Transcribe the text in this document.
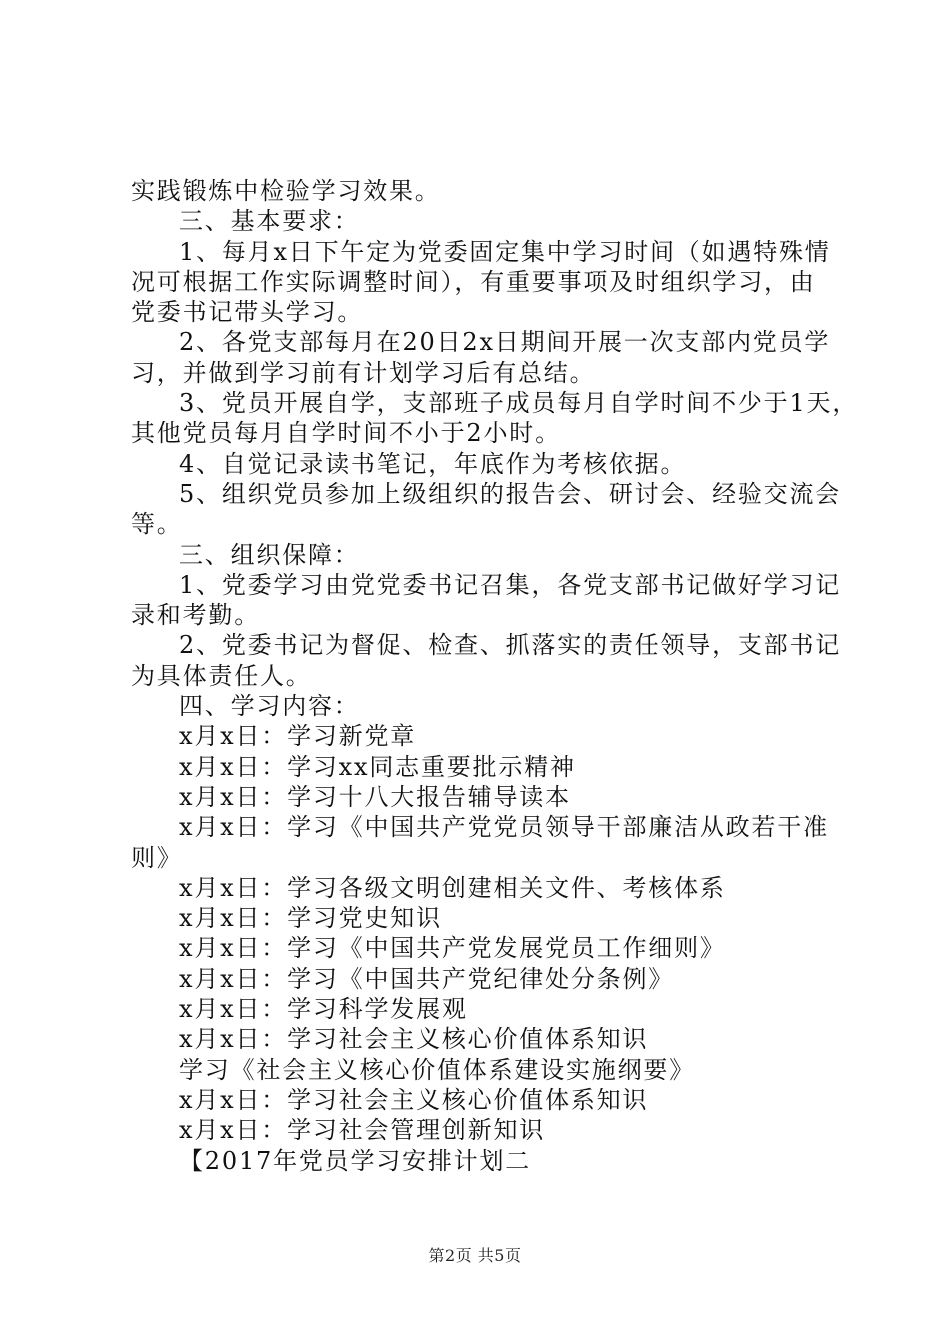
实践锻炼中检验学习效果。
三、基本要求：
1、每月x日下午定为党委固定集中学习时间（如遇特殊情
况可根据工作实际调整时间），有重要事项及时组织学习，由
党委书记带头学习。
2、各党支部每月在20日2x日期间开展一次支部内党员学
习，并做到学习前有计划学习后有总结。
3、党员开展自学，支部班子成员每月自学时间不少于1天，
其他党员每月自学时间不小于2小时。
4、自觉记录读书笔记，年底作为考核依据。
5、组织党员参加上级组织的报告会、研讨会、经验交流会
等。
三、组织保障：
1、党委学习由党党委书记召集，各党支部书记做好学习记
录和考勤。
2、党委书记为督促、检查、抓落实的责任领导，支部书记
为具体责任人。
四、学习内容：
x月x日：学习新党章
x月x日：学习xx同志重要批示精神
x月x日：学习十八大报告辅导读本
x月x日：学习《中国共产党党员领导干部廉洁从政若干准
则》
x月x日：学习各级文明创建相关文件、考核体系
x月x日：学习党史知识
x月x日：学习《中国共产党发展党员工作细则》
x月x日：学习《中国共产党纪律处分条例》
x月x日：学习科学发展观
x月x日：学习社会主义核心价值体系知识
学习《社会主义核心价值体系建设实施纲要》
x月x日：学习社会主义核心价值体系知识
x月x日：学习社会管理创新知识
【2017年党员学习安排计划二
第2页 共5页
